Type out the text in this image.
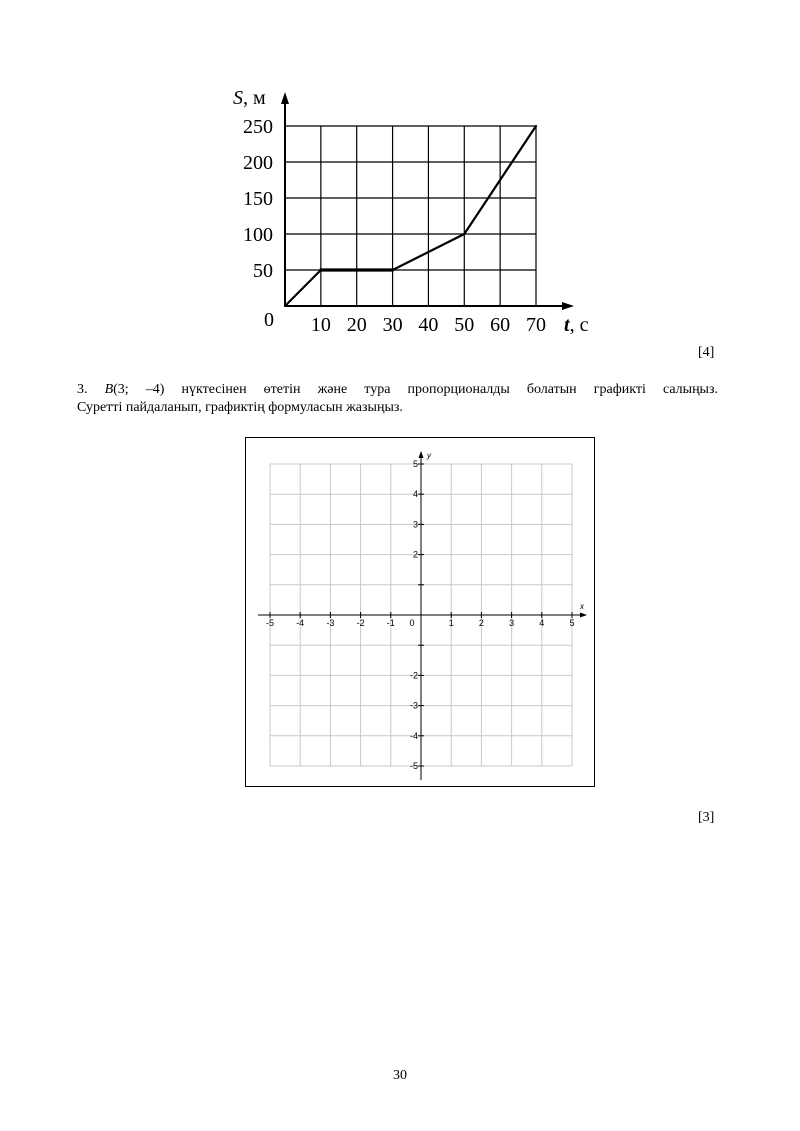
0 10 20 30 40 50 60 70
50
100
150
200
250
t, с
S, м
[4]
3. B(3; –4) нүктесінен өтетін және тура пропорционалды болатын графикті салыңыз.
Суретті пайдаланып, графиктің формуласын жазыңыз.
-5 -4 -3 -2 -1 0	1	2	3	4	5
5
4
3
2
-2
-3
-4
-5
x
y
[3]
30
